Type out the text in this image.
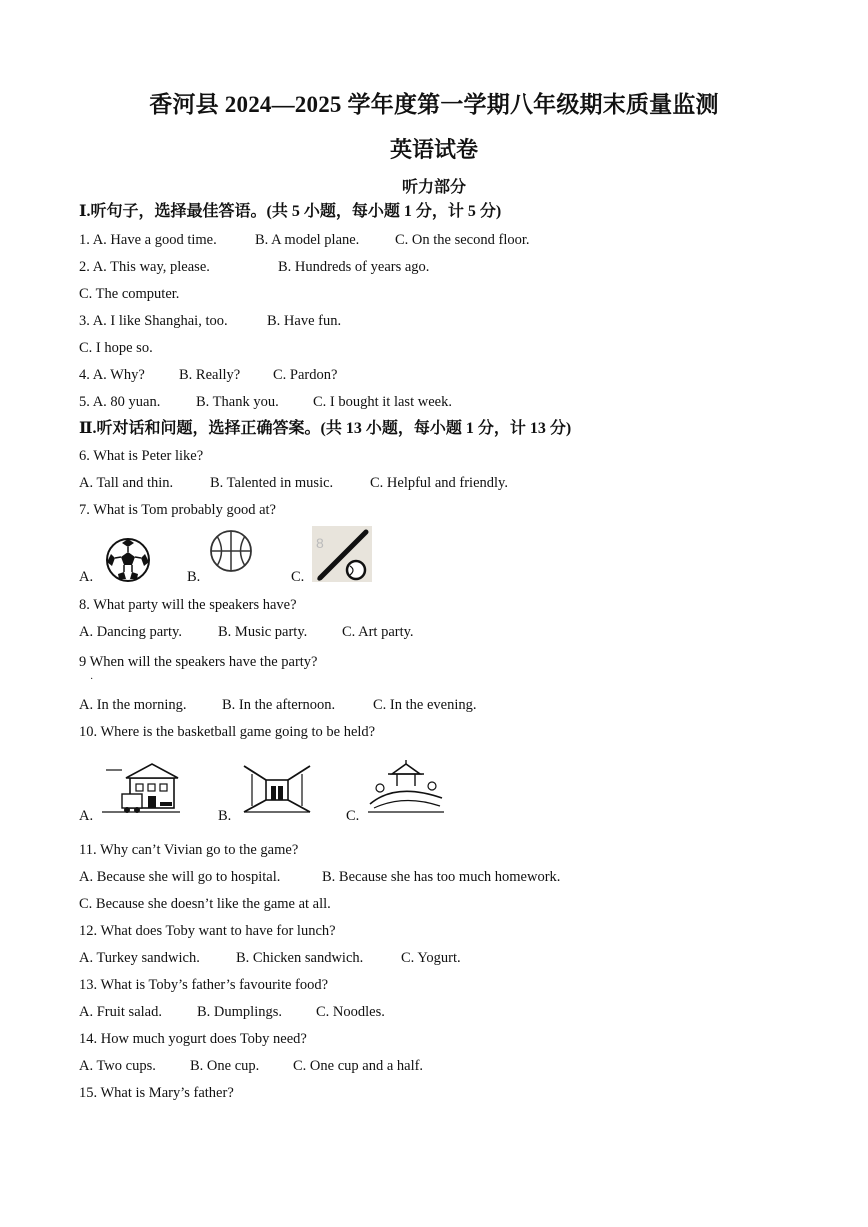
香河县 2024—2025 学年度第一学期八年级期末质量监测
英语试卷
听力部分
Ⅰ.听句子，选择最佳答语。(共 5 小题，每小题 1 分，计 5 分)
1. A. Have a good time.	B. A model plane. C. On the second floor.
2. A. This way, please.	B. Hundreds of years ago.
C. The computer.
3. A. I like Shanghai, too.	B. Have fun.
C. I hope so.
4. A. Why? B. Really? C. Pardon?
5. A. 80 yuan. B. Thank you. C. I bought it last week.
Ⅱ.听对话和问题，选择正确答案。(共 13 小题，每小题 1 分，计 13 分)
6. What is Peter like?
A. Tall and thin.	B. Talented in music.	C. Helpful and friendly.
7. What is Tom probably good at?
A.	B.	C.
8
8. What party will the speakers have?
A. Dancing party. B. Music party. C. Art party.
9 When will the speakers have the party?
·
A. In the morning. B. In the afternoon.	C. In the evening.
10. Where is the basketball game going to be held?
A.	B.	C.
11. Why can’t Vivian go to the game?
A. Because she will go to hospital.	B. Because she has too much homework.
C. Because she doesn’t like the game at all.
12. What does Toby want to have for lunch?
A. Turkey sandwich. B. Chicken sandwich.	C. Yogurt.
13. What is Toby’s father’s favourite food?
A. Fruit salad. B. Dumplings. C. Noodles.
14. How much yogurt does Toby need?
A. Two cups. B. One cup. C. One cup and a half.
15. What is Mary’s father?
